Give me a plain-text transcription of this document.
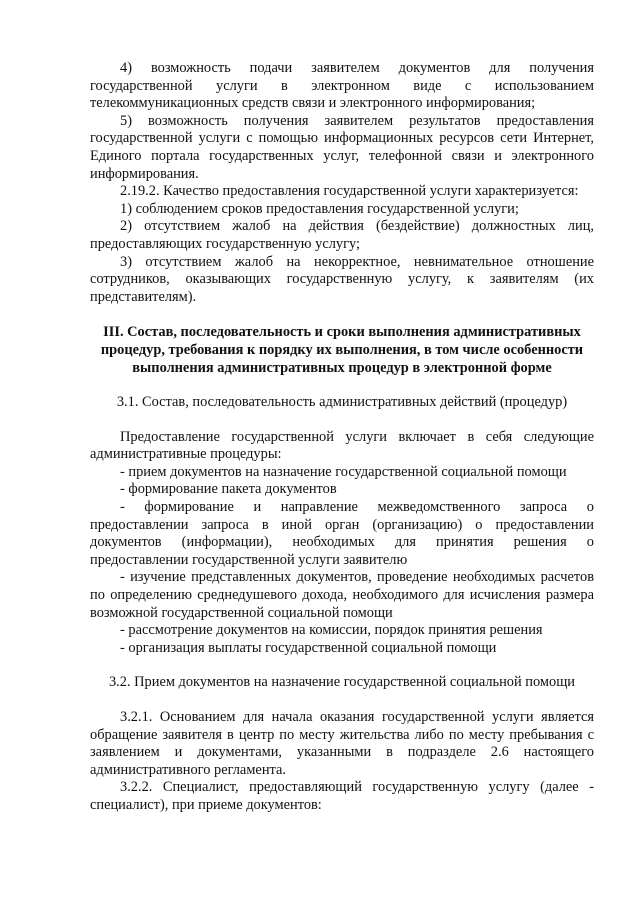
4) возможность подачи заявителем документов для получения государственной услуги в электронном виде с использованием телекоммуникационных средств связи и электронного информирования;

5) возможность получения заявителем результатов предоставления государственной услуги с помощью информационных ресурсов сети Интернет, Единого портала государственных услуг, телефонной связи и электронного информирования.

2.19.2. Качество предоставления государственной услуги характеризуется:

1) соблюдением сроков предоставления государственной услуги;

2) отсутствием жалоб на действия (бездействие) должностных лиц, предоставляющих государственную услугу;

3) отсутствием жалоб на некорректное, невнимательное отношение сотрудников, оказывающих государственную услугу, к заявителям (их представителям).

III. Состав, последовательность и сроки выполнения административных процедур, требования к порядку их выполнения, в том числе особенности выполнения административных процедур в электронной форме

3.1. Состав, последовательность административных действий (процедур)

Предоставление государственной услуги включает в себя следующие административные процедуры:

- прием документов на назначение государственной социальной помощи

- формирование пакета документов

- формирование и направление межведомственного запроса о предоставлении запроса в иной орган (организацию) о предоставлении документов (информации), необходимых для принятия решения о предоставлении государственной услуги заявителю

- изучение представленных документов, проведение необходимых расчетов по определению среднедушевого дохода, необходимого для исчисления размера возможной государственной социальной помощи

- рассмотрение документов на комиссии, порядок принятия решения

- организация выплаты государственной социальной помощи

3.2. Прием документов на назначение государственной социальной помощи

3.2.1. Основанием для начала оказания государственной услуги является обращение заявителя в центр по месту жительства либо по месту пребывания с заявлением и документами, указанными в подразделе 2.6 настоящего административного регламента.

3.2.2. Специалист, предоставляющий государственную услугу (далее - специалист), при приеме документов:
